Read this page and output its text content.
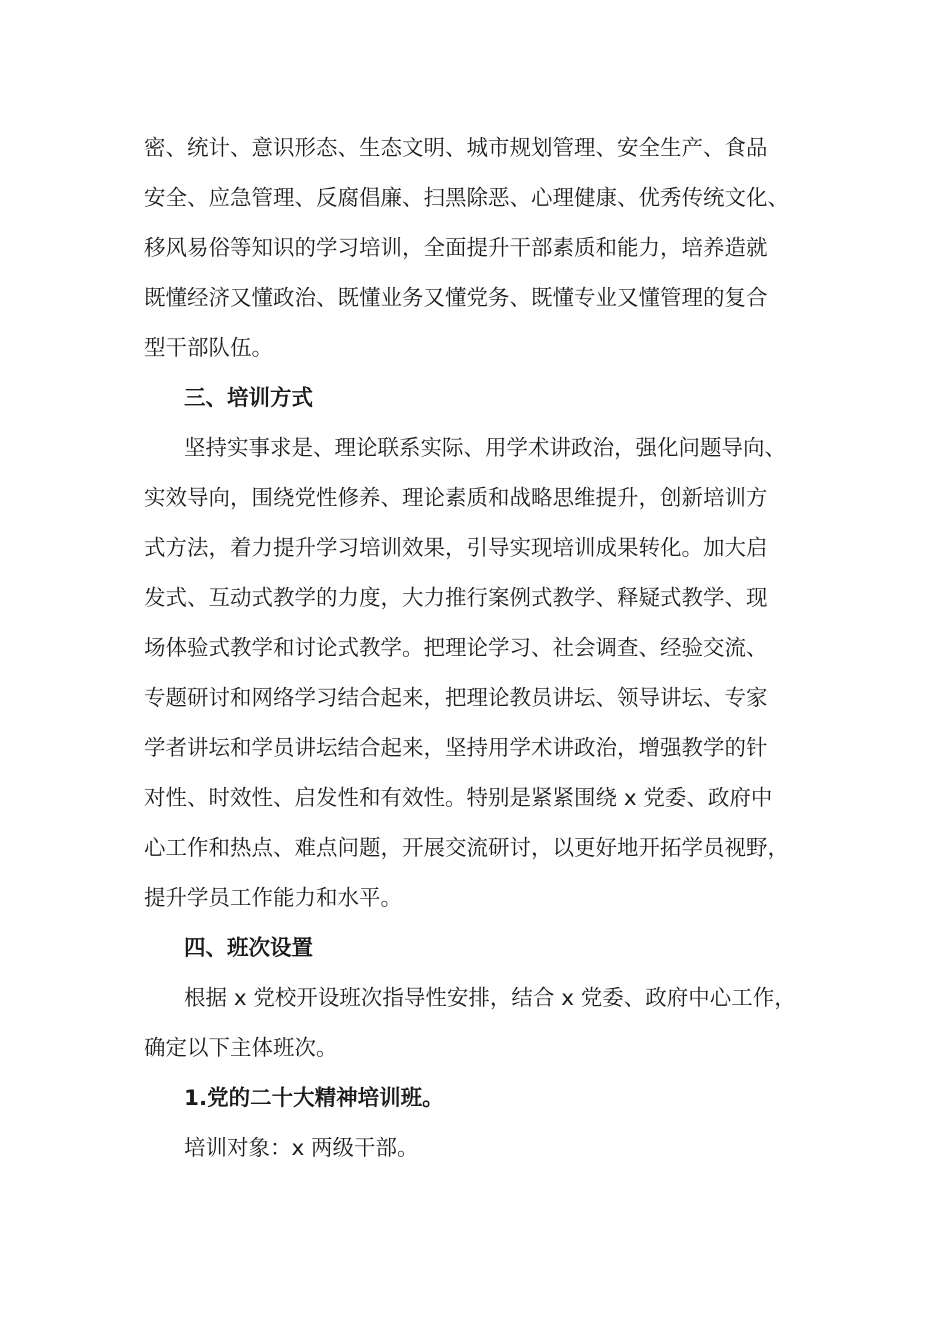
密、统计、意识形态、生态文明、城市规划管理、安全生产、食品
安全、应急管理、反腐倡廉、扫黑除恶、心理健康、优秀传统文化、
移风易俗等知识的学习培训，全面提升干部素质和能力，培养造就
既懂经济又懂政治、既懂业务又懂党务、既懂专业又懂管理的复合
型干部队伍。
三、培训方式
坚持实事求是、理论联系实际、用学术讲政治，强化问题导向、
实效导向，围绕党性修养、理论素质和战略思维提升，创新培训方
式方法，着力提升学习培训效果，引导实现培训成果转化。加大启
发式、互动式教学的力度，大力推行案例式教学、释疑式教学、现
场体验式教学和讨论式教学。把理论学习、社会调查、经验交流、
专题研讨和网络学习结合起来，把理论教员讲坛、领导讲坛、专家
学者讲坛和学员讲坛结合起来，坚持用学术讲政治，增强教学的针
对性、时效性、启发性和有效性。特别是紧紧围绕 x 党委、政府中
心工作和热点、难点问题，开展交流研讨，以更好地开拓学员视野，
提升学员工作能力和水平。
四、班次设置
根据 x 党校开设班次指导性安排，结合 x 党委、政府中心工作，
确定以下主体班次。
1.党的二十大精神培训班。
培训对象：x 两级干部。
